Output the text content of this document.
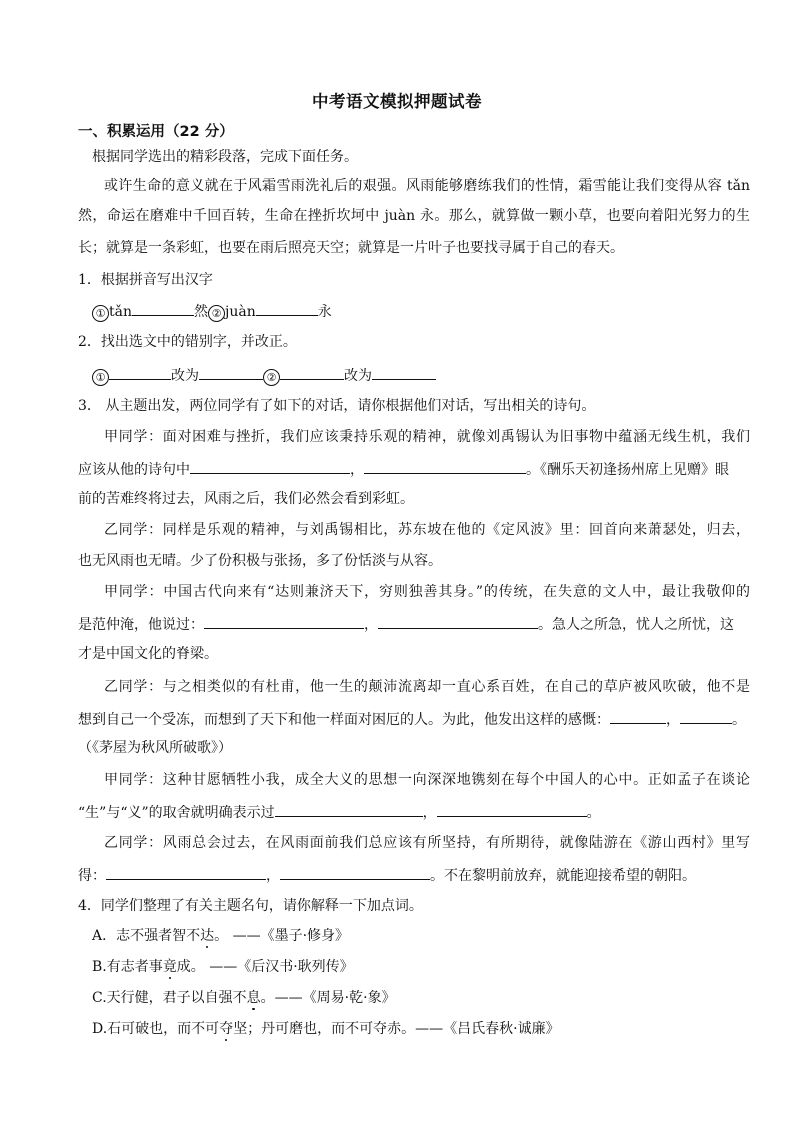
中考语文模拟押题试卷
一、积累运用（22 分）
根据同学选出的精彩段落，完成下面任务。
或许生命的意义就在于风霜雪雨洗礼后的艰强。风雨能够磨练我们的性情，霜雪能让我们变得从容 tǎn
然，命运在磨难中千回百转，生命在挫折坎坷中 juàn 永。那么，就算做一颗小草，也要向着阳光努力的生
长；就算是一条彩虹，也要在雨后照亮天空；就算是一片叶子也要找寻属于自己的春天。
1．根据拼音写出汉字
① tǎn	然 ② juàn	永
2．找出选文中的错别字，并改正。
①	改为	②	改为
3． 从主题出发，两位同学有了如下的对话，请你根据他们对话，写出相关的诗句。
甲同学：面对困难与挫折，我们应该秉持乐观的精神，就像刘禹锡认为旧事物中蕴涵无线生机，我们
应该从他的诗句中	，	。《酬乐天初逢扬州席上见赠》眼
前的苦难终将过去，风雨之后，我们必然会看到彩虹。
乙同学：同样是乐观的精神，与刘禹锡相比，苏东坡在他的《定风波》里：回首向来萧瑟处，归去，
也无风雨也无晴。少了份积极与张扬，多了份恬淡与从容。
甲同学：中国古代向来有“达则兼济天下，穷则独善其身。”的传统，在失意的文人中，最让我敬仰的
是范仲淹，他说过：	，	。急人之所急，忧人之所忧，这
才是中国文化的脊梁。
乙同学：与之相类似的有杜甫，他一生的颠沛流离却一直心系百姓，在自己的草庐被风吹破，他不是
想到自己一个受冻，而想到了天下和他一样面对困厄的人。为此，他发出这样的感慨：	，	。
（《茅屋为秋风所破歌》）
甲同学：这种甘愿牺牲小我，成全大义的思想一向深深地镌刻在每个中国人的心中。正如孟子在谈论
“生”与“义”的取舍就明确表示过	，	。
乙同学：风雨总会过去，在风雨面前我们总应该有所坚持，有所期待，就像陆游在《游山西村》里写
得：	，	。不在黎明前放弃，就能迎接希望的朝阳。
4．同学们整理了有关主题名句，请你解释一下加点词。
A．志不强者智不达。 ——《墨子·修身》
B.有志者事竟成。 ——《后汉书·耿列传》
C.天行健，君子以自强不息。——《周易·乾·象》
D.石可破也，而不可夺坚；丹可磨也，而不可夺赤。——《吕氏春秋·诚廉》
